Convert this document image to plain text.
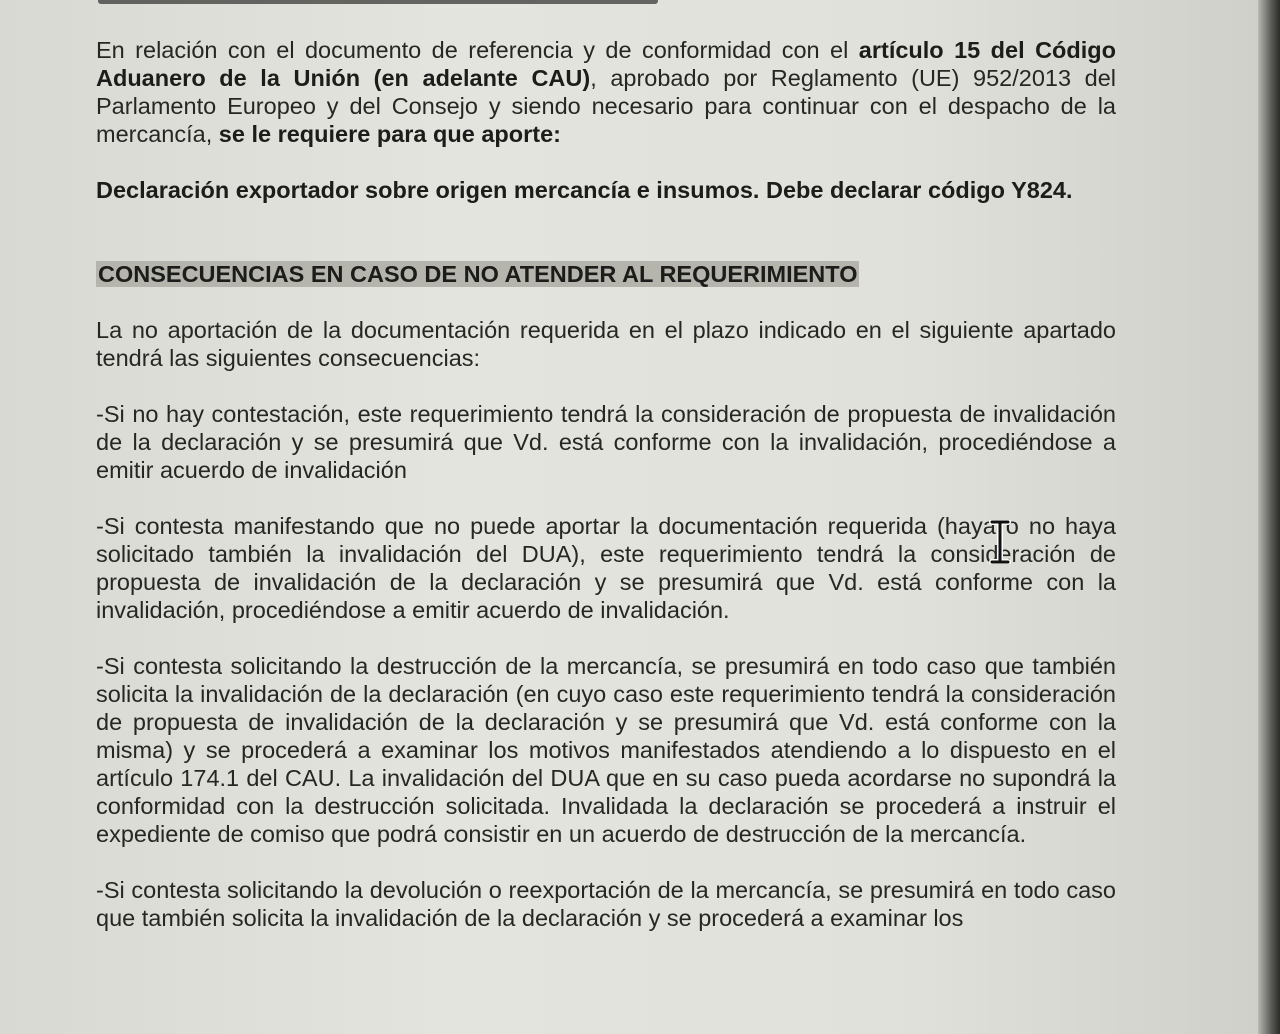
En relación con el documento de referencia y de conformidad con el artículo 15 del Código Aduanero de la Unión (en adelante CAU), aprobado por Reglamento (UE) 952/2013 del Parlamento Europeo y del Consejo y siendo necesario para continuar con el despacho de la mercancía, se le requiere para que aporte:

Declaración exportador sobre origen mercancía e insumos. Debe declarar código Y824.

CONSECUENCIAS EN CASO DE NO ATENDER AL REQUERIMIENTO

La no aportación de la documentación requerida en el plazo indicado en el siguiente apartado tendrá las siguientes consecuencias:

-Si no hay contestación, este requerimiento tendrá la consideración de propuesta de invalidación de la declaración y se presumirá que Vd. está conforme con la invalidación, procediéndose a emitir acuerdo de invalidación

-Si contesta manifestando que no puede aportar la documentación requerida (haya o no haya solicitado también la invalidación del DUA), este requerimiento tendrá la consideración de propuesta de invalidación de la declaración y se presumirá que Vd. está conforme con la invalidación, procediéndose a emitir acuerdo de invalidación.

-Si contesta solicitando la destrucción de la mercancía, se presumirá en todo caso que también solicita la invalidación de la declaración (en cuyo caso este requerimiento tendrá la consideración de propuesta de invalidación de la declaración y se presumirá que Vd. está conforme con la misma) y se procederá a examinar los motivos manifestados atendiendo a lo dispuesto en el artículo 174.1 del CAU. La invalidación del DUA que en su caso pueda acordarse no supondrá la conformidad con la destrucción solicitada. Invalidada la declaración se procederá a instruir el expediente de comiso que podrá consistir en un acuerdo de destrucción de la mercancía.

-Si contesta solicitando la devolución o reexportación de la mercancía, se presumirá en todo caso que también solicita la invalidación de la declaración y se procederá a examinar los
